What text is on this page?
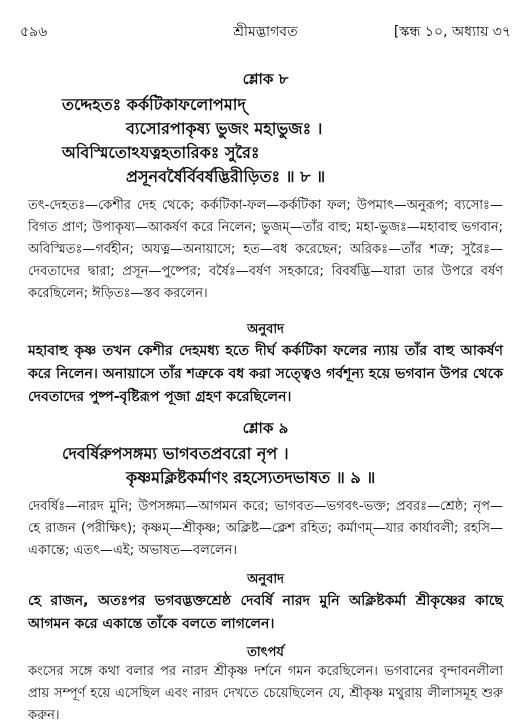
৫৯৬	শ্রীমদ্ভাগবত	[স্কন্ধ ১০, অধ্যায় ৩৭
শ্লোক ৮
তদ্দেহতঃ কর্কটিকাফলোপমাদ্
ব্যসোরপাকৃষ্য ভুজং মহাভুজঃ ।
অবিস্মিতোঽযত্নহতারিকঃ সুরৈঃ
প্রসূনবর্ষৈর্বিবর্ষদ্ভিরীড়িতঃ ॥ ৮ ॥
তৎ-দেহতঃ—কেশীর দেহ থেকে; কর্কটিকা-ফল—কর্কটিকা ফল; উপমাৎ—অনুরূপ; ব্যসোঃ—বিগত প্রাণ; উপাকৃষ্য—আকর্ষণ করে নিলেন; ভুজম্—তাঁর বাহু; মহা-ভুজঃ—মহাবাহু ভগবান; অবিস্মিতঃ—গর্বহীন; অযত্ন—অনায়াসে; হত—বধ করেছেন; অরিকঃ—তাঁর শত্রু; সুরৈঃ—দেবতাদের দ্বারা; প্রসূন—পুষ্পের; বর্ষৈঃ—বর্ষণ সহকারে; বিবর্ষদ্ভি—যারা তার উপরে বর্ষণ করেছিলেন; ঈড়িতঃ—স্তব করলেন।
অনুবাদ
মহাবাহু কৃষ্ণ তখন কেশীর দেহমধ্য হতে দীর্ঘ কর্কটিকা ফলের ন্যায় তাঁর বাহু আকর্ষণ করে নিলেন। অনায়াসে তাঁর শত্রুকে বধ করা সত্ত্বেও গর্বশূন্য হয়ে ভগবান উপর থেকে দেবতাদের পুষ্প-বৃষ্টিরূপ পূজা গ্রহণ করেছিলেন।
শ্লোক ৯
দেবর্ষিরুপসঙ্গম্য ভাগবতপ্রবরো নৃপ ।
কৃষ্ণমক্লিষ্টকর্মাণং রহস্যেতদভাষত ॥ ৯ ॥
দেবর্ষিঃ—নারদ মুনি; উপসঙ্গম্য—আগমন করে; ভাগবত—ভগবৎ-ভক্ত; প্রবরঃ—শ্রেষ্ঠ; নৃপ—হে রাজন (পরীক্ষিৎ); কৃষ্ণম্—শ্রীকৃষ্ণ; অক্লিষ্ট—ক্লেশ রহিত; কর্মাণম্—যার কার্যাবলী; রহসি—একান্তে; এতৎ—এই; অভাষত—বললেন।
অনুবাদ
হে রাজন, অতঃপর ভগবদ্ভক্তশ্রেষ্ঠ দেবর্ষি নারদ মুনি অক্লিষ্টকর্মা শ্রীকৃষ্ণের কাছে আগমন করে একান্তে তাঁকে বলতে লাগলেন।
তাৎপর্য
কংসের সঙ্গে কথা বলার পর নারদ শ্রীকৃষ্ণ দর্শনে গমন করেছিলেন। ভগবানের বৃন্দাবনলীলা প্রায় সম্পূর্ণ হয়ে এসেছিল এবং নারদ দেখতে চেয়েছিলেন যে, শ্রীকৃষ্ণ মথুরায় লীলাসমূহ শুরু করুন।
